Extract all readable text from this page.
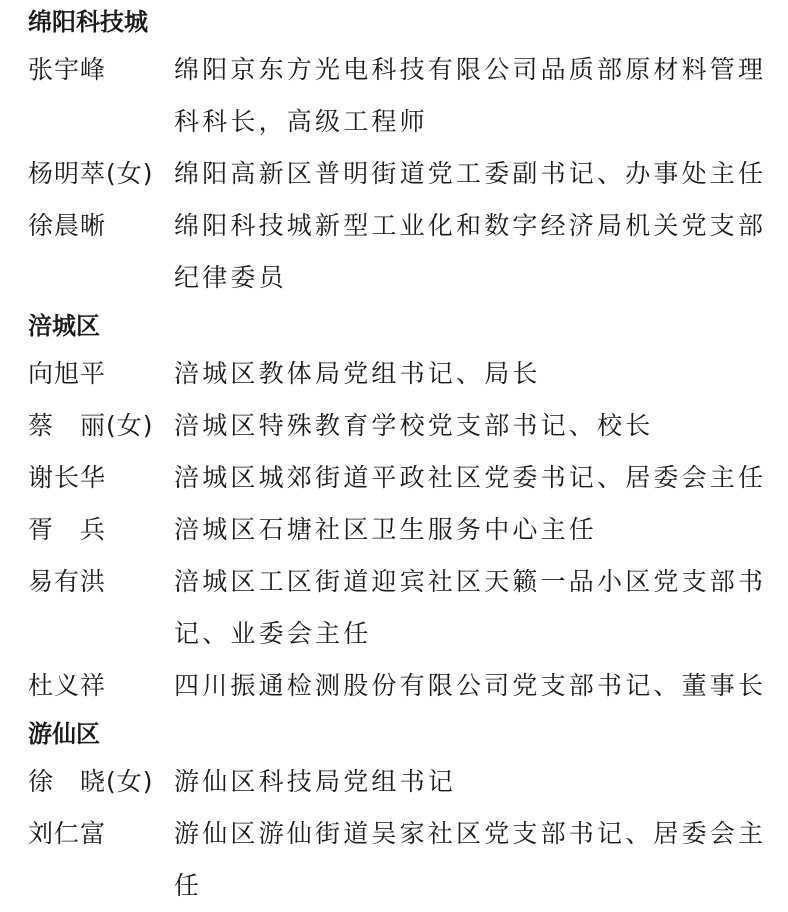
绵阳科技城
张宇峰	绵阳京东方光电科技有限公司品质部原材料管理
科科长，高级工程师
杨明萃(女) 绵阳高新区普明街道党工委副书记、办事处主任
徐晨晰	绵阳科技城新型工业化和数字经济局机关党支部
纪律委员
涪城区
向旭平	涪城区教体局党组书记、局长
蔡　丽(女) 涪城区特殊教育学校党支部书记、校长
谢长华	涪城区城郊街道平政社区党委书记、居委会主任
胥　兵	涪城区石塘社区卫生服务中心主任
易有洪	涪城区工区街道迎宾社区天籁一品小区党支部书
记、业委会主任
杜义祥	四川振通检测股份有限公司党支部书记、董事长
游仙区
徐　晓(女) 游仙区科技局党组书记
刘仁富	游仙区游仙街道吴家社区党支部书记、居委会主任
